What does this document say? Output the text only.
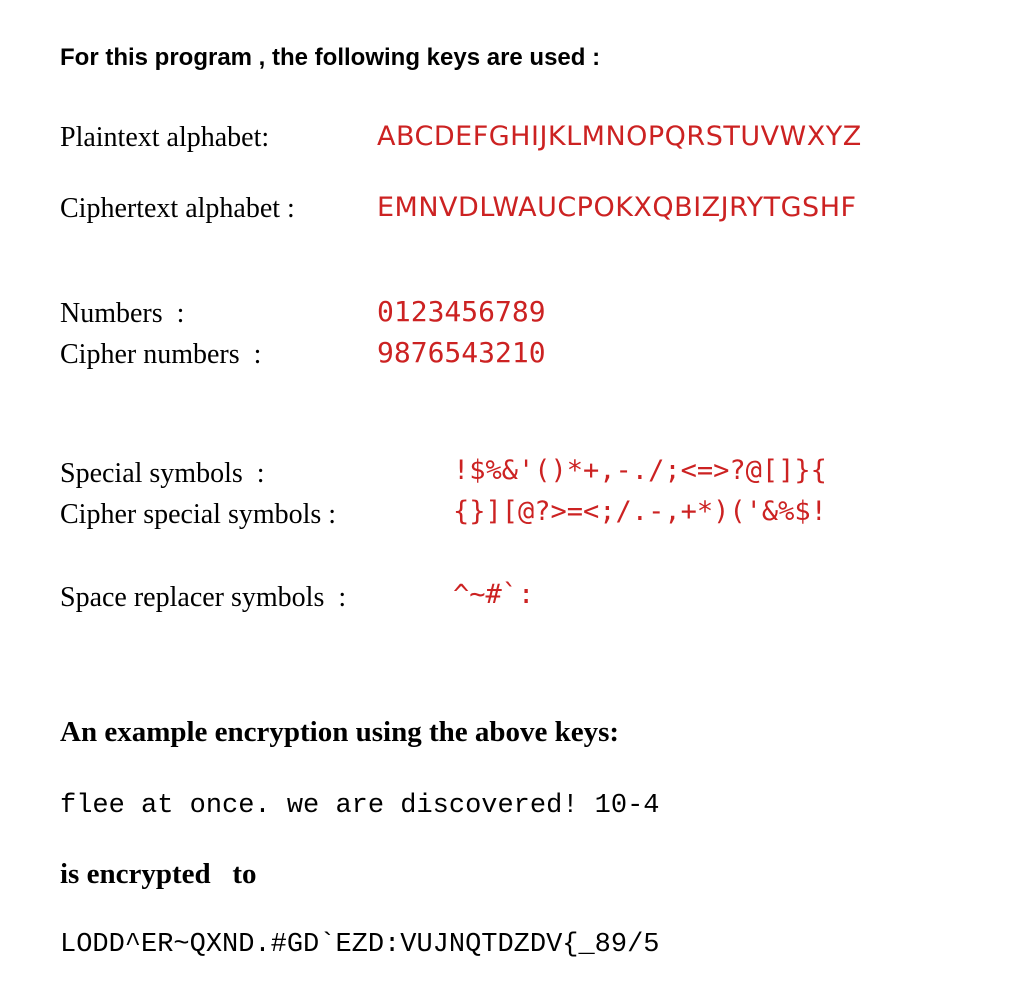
For this program , the following keys are used :
Plaintext alphabet:	ABCDEFGHIJKLMNOPQRSTUVWXYZ
Ciphertext alphabet :	EMNVDLWAUCPOKXQBIZJRYTGSHF
Numbers  :	0123456789
Cipher numbers  :	9876543210
Special symbols  :	!$%&'()*+,-./;<=>?@[]}{
Cipher special symbols :	{}][@?>=<;/.-,+*)('&%$!
Space replacer symbols  :	^~#`:
An example encryption using the above keys:
flee at once. we are discovered! 10-4
is encrypted   to
LODD^ER~QXND.#GD`EZD:VUJNQTDZDV{_89/5
